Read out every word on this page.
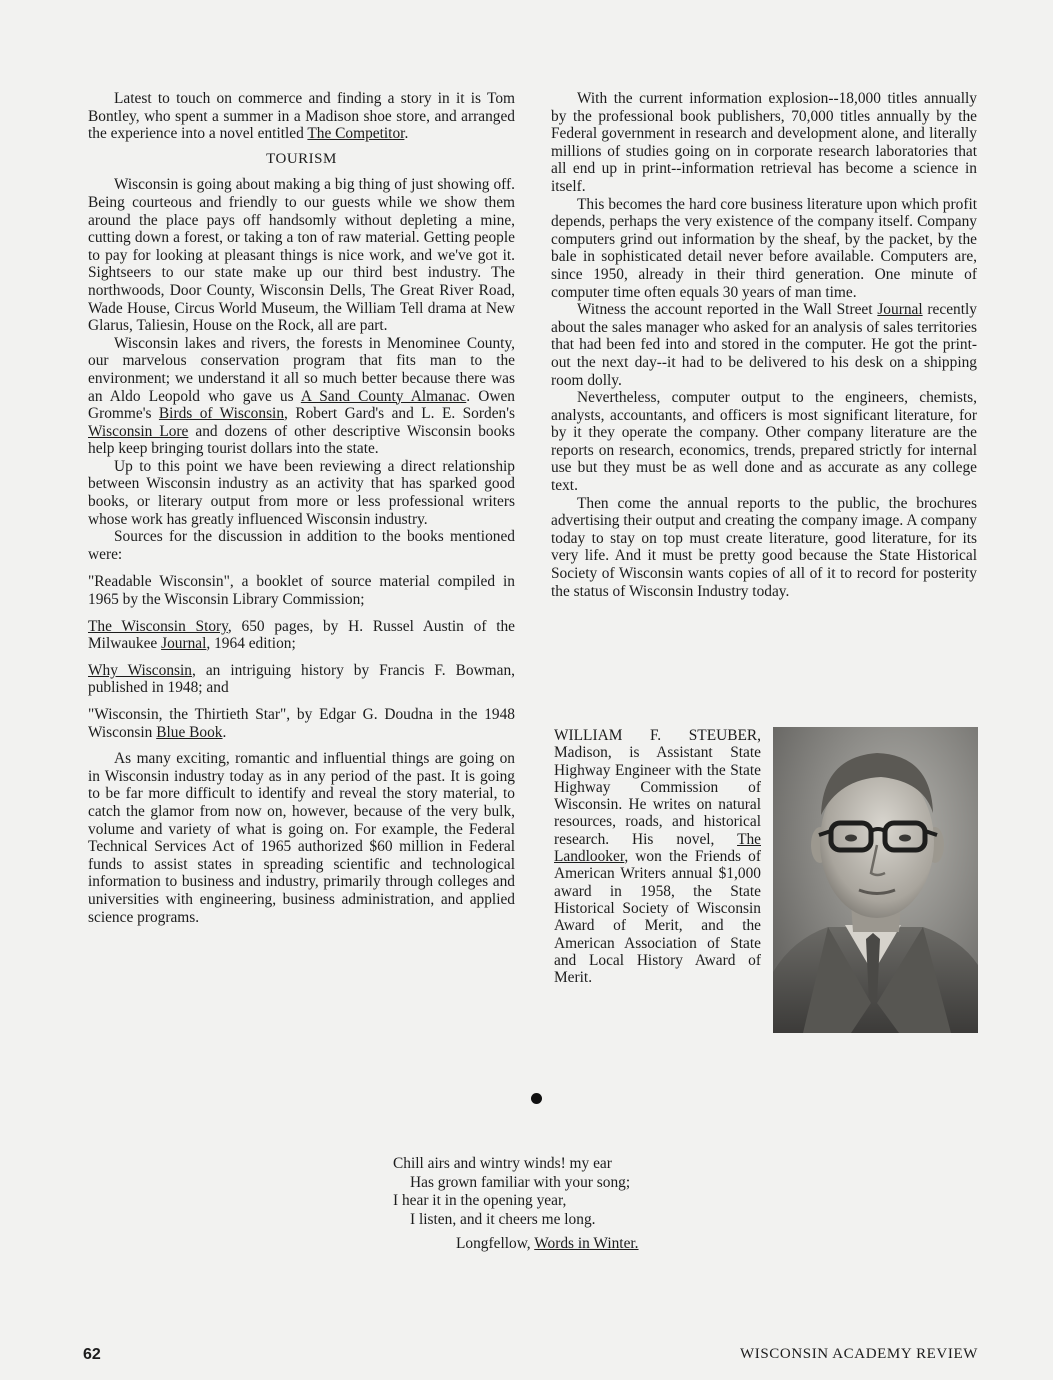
Latest to touch on commerce and finding a story in it is Tom Bontley, who spent a summer in a Madison shoe store, and arranged the experience into a novel entitled The Competitor.

TOURISM

Wisconsin is going about making a big thing of just showing off. Being courteous and friendly to our guests while we show them around the place pays off handsomly without depleting a mine, cutting down a forest, or taking a ton of raw material. Getting people to pay for looking at pleasant things is nice work, and we've got it. Sightseers to our state make up our third best industry. The northwoods, Door County, Wisconsin Dells, The Great River Road, Wade House, Circus World Museum, the William Tell drama at New Glarus, Taliesin, House on the Rock, all are part.

Wisconsin lakes and rivers, the forests in Menominee County, our marvelous conservation program that fits man to the environment; we understand it all so much better because there was an Aldo Leopold who gave us A Sand County Almanac. Owen Gromme's Birds of Wisconsin, Robert Gard's and L. E. Sorden's Wisconsin Lore and dozens of other descriptive Wisconsin books help keep bringing tourist dollars into the state.

Up to this point we have been reviewing a direct relationship between Wisconsin industry as an activity that has sparked good books, or literary output from more or less professional writers whose work has greatly influenced Wisconsin industry.

Sources for the discussion in addition to the books mentioned were:

"Readable Wisconsin", a booklet of source material compiled in 1965 by the Wisconsin Library Commission;

The Wisconsin Story, 650 pages, by H. Russel Austin of the Milwaukee Journal, 1964 edition;

Why Wisconsin, an intriguing history by Francis F. Bowman, published in 1948; and

"Wisconsin, the Thirtieth Star", by Edgar G. Doudna in the 1948 Wisconsin Blue Book.

As many exciting, romantic and influential things are going on in Wisconsin industry today as in any period of the past. It is going to be far more difficult to identify and reveal the story material, to catch the glamor from now on, however, because of the very bulk, volume and variety of what is going on. For example, the Federal Technical Services Act of 1965 authorized $60 million in Federal funds to assist states in spreading scientific and technological information to business and industry, primarily through colleges and universities with engineering, business administration, and applied science programs.

With the current information explosion--18,000 titles annually by the professional book publishers, 70,000 titles annually by the Federal government in research and development alone, and literally millions of studies going on in corporate research laboratories that all end up in print--information retrieval has become a science in itself.

This becomes the hard core business literature upon which profit depends, perhaps the very existence of the company itself. Company computers grind out information by the sheaf, by the packet, by the bale in sophisticated detail never before available. Computers are, since 1950, already in their third generation. One minute of computer time often equals 30 years of man time.

Witness the account reported in the Wall Street Journal recently about the sales manager who asked for an analysis of sales territories that had been fed into and stored in the computer. He got the print-out the next day--it had to be delivered to his desk on a shipping room dolly.

Nevertheless, computer output to the engineers, chemists, analysts, accountants, and officers is most significant literature, for by it they operate the company. Other company literature are the reports on research, economics, trends, prepared strictly for internal use but they must be as well done and as accurate as any college text.

Then come the annual reports to the public, the brochures advertising their output and creating the company image. A company today to stay on top must create literature, good literature, for its very life. And it must be pretty good because the State Historical Society of Wisconsin wants copies of all of it to record for posterity the status of Wisconsin Industry today.

WILLIAM F. STEUBER, Madison, is Assistant State Highway Engineer with the State Highway Commission of Wisconsin. He writes on natural resources, roads, and historical research. His novel, The Landlooker, won the Friends of American Writers annual $1,000 award in 1958, the State Historical Society of Wisconsin Award of Merit, and the American Association of State and Local History Award of Merit.

Chill airs and wintry winds! my ear
Has grown familiar with your song;
I hear it in the opening year,
I listen, and it cheers me long.
Longfellow, Words in Winter.
62	WISCONSIN ACADEMY REVIEW
